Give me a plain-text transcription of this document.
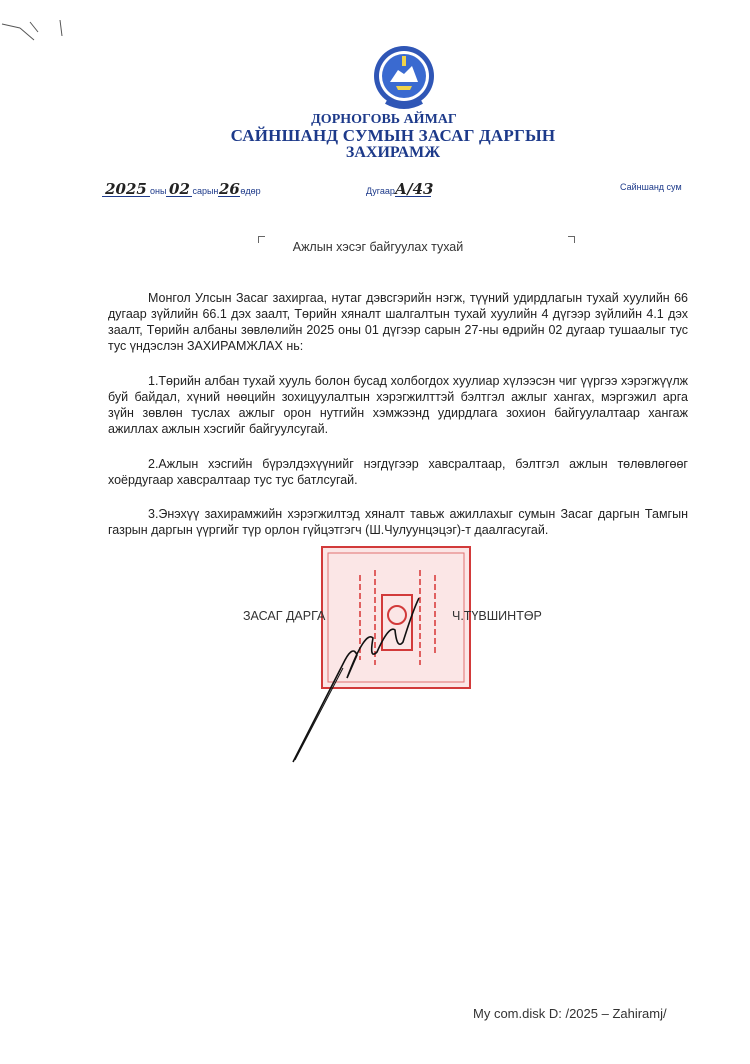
ДОРНОГОВЬ АЙМАГ
САЙНШАНД СУМЫН ЗАСАГ ДАРГЫН
ЗАХИРАМЖ
2025 оны 02 сарын26өдөр	ДугаарА/43	Сайншанд сум
Ажлын хэсэг байгуулах тухай

Монгол Улсын Засаг захиргаа, нутаг дэвсгэрийн нэгж, түүний удирдлагын тухай хуулийн 66 дугаар зүйлийн 66.1 дэх заалт, Төрийн хяналт шалгалтын тухай хуулийн 4 дүгээр зүйлийн 4.1 дэх заалт, Төрийн албаны зөвлөлийн 2025 оны 01 дүгээр сарын 27-ны өдрийн 02 дугаар тушаалыг тус тус үндэслэн ЗАХИРАМЖЛАХ нь:

1.Төрийн албан тухай хууль болон бусад холбогдох хуулиар хүлээсэн чиг үүргээ хэрэгжүүлж буй байдал, хүний нөөцийн зохицуулалтын хэрэгжилттэй бэлтгэл ажлыг хангах, мэргэжил арга зүйн зөвлөн туслах ажлыг орон нутгийн хэмжээнд удирдлага зохион байгуулалтаар хангаж ажиллах ажлын хэсгийг байгуулсугай.

2.Ажлын хэсгийн бүрэлдэхүүнийг нэгдүгээр хавсралтаар, бэлтгэл ажлын төлөвлөгөөг хоёрдугаар хавсралтаар тус тус батлсугай.

3.Энэхүү захирамжийн хэрэгжилтэд хяналт тавьж ажиллахыг сумын Засаг даргын Тамгын газрын даргын үүргийг түр орлон гүйцэтгэгч (Ш.Чулуунцэцэг)-т даалгасугай.

ЗАСАГ ДАРГА	Ч.ТҮВШИНТӨР
My com.disk D: /2025 – Zahiramj/
